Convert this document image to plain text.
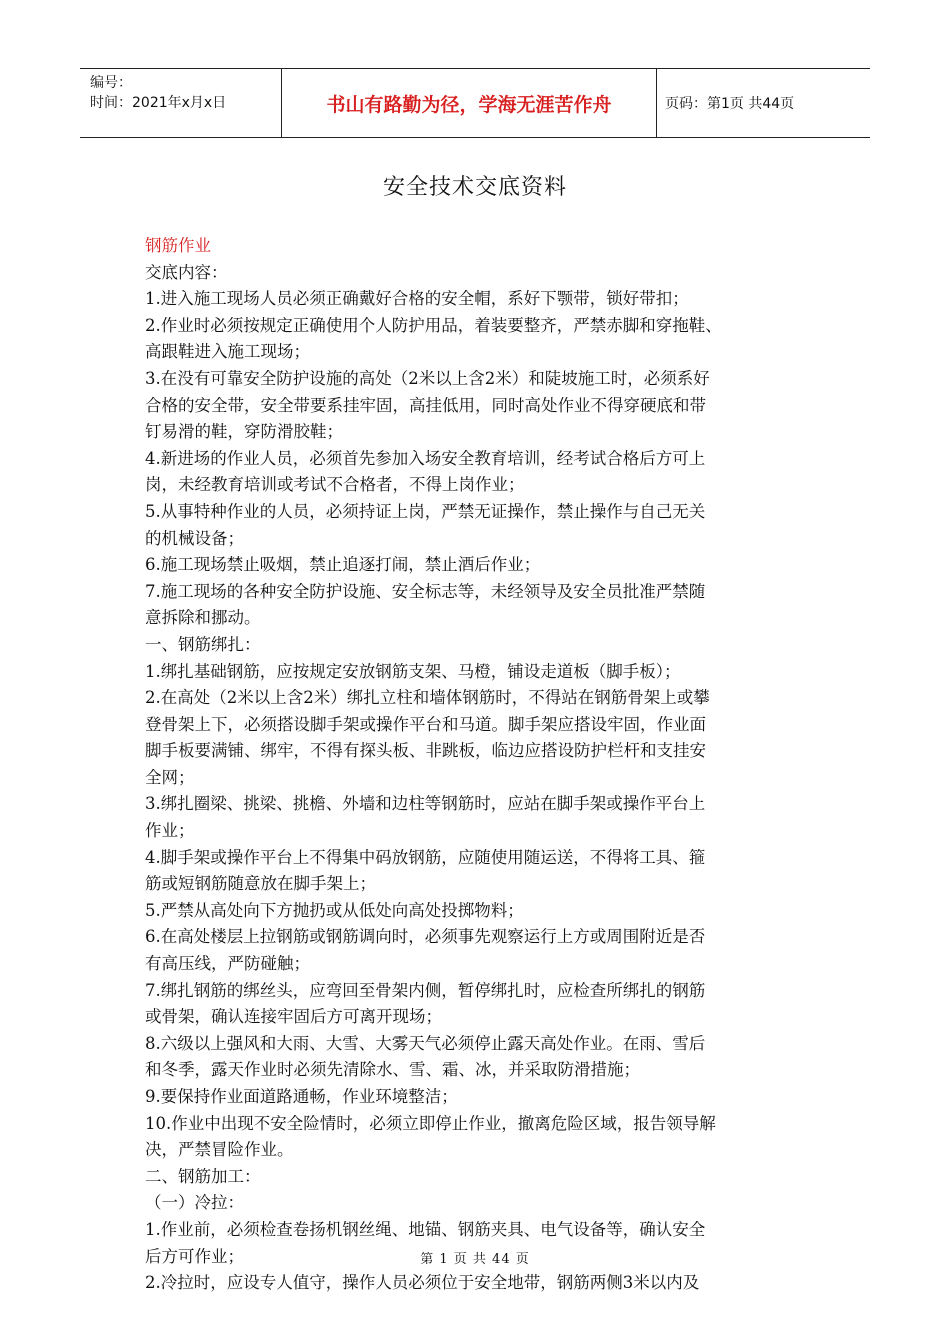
编号：
时间：2021年x月x日	书山有路勤为径，学海无涯苦作舟	页码：第1页 共44页
安全技术交底资料

钢筋作业

交底内容：

1.进入施工现场人员必须正确戴好合格的安全帽，系好下颚带，锁好带扣；

2.作业时必须按规定正确使用个人防护用品，着装要整齐，严禁赤脚和穿拖鞋、

高跟鞋进入施工现场；

3.在没有可靠安全防护设施的高处（2米以上含2米）和陡坡施工时，必须系好

合格的安全带，安全带要系挂牢固，高挂低用，同时高处作业不得穿硬底和带

钉易滑的鞋，穿防滑胶鞋；

4.新进场的作业人员，必须首先参加入场安全教育培训，经考试合格后方可上

岗，未经教育培训或考试不合格者，不得上岗作业；

5.从事特种作业的人员，必须持证上岗，严禁无证操作，禁止操作与自己无关

的机械设备；

6.施工现场禁止吸烟，禁止追逐打闹，禁止酒后作业；

7.施工现场的各种安全防护设施、安全标志等，未经领导及安全员批准严禁随

意拆除和挪动。

一、钢筋绑扎：

1.绑扎基础钢筋，应按规定安放钢筋支架、马橙，铺设走道板（脚手板）；

2.在高处（2米以上含2米）绑扎立柱和墙体钢筋时，不得站在钢筋骨架上或攀

登骨架上下，必须搭设脚手架或操作平台和马道。脚手架应搭设牢固，作业面

脚手板要满铺、绑牢，不得有探头板、非跳板，临边应搭设防护栏杆和支挂安

全网；

3.绑扎圈梁、挑梁、挑檐、外墙和边柱等钢筋时，应站在脚手架或操作平台上

作业；

4.脚手架或操作平台上不得集中码放钢筋，应随使用随运送，不得将工具、箍

筋或短钢筋随意放在脚手架上；

5.严禁从高处向下方抛扔或从低处向高处投掷物料；

6.在高处楼层上拉钢筋或钢筋调向时，必须事先观察运行上方或周围附近是否

有高压线，严防碰触；

7.绑扎钢筋的绑丝头，应弯回至骨架内侧，暂停绑扎时，应检查所绑扎的钢筋

或骨架，确认连接牢固后方可离开现场；

8.六级以上强风和大雨、大雪、大雾天气必须停止露天高处作业。在雨、雪后

和冬季，露天作业时必须先清除水、雪、霜、冰，并采取防滑措施；

9.要保持作业面道路通畅，作业环境整洁；

10.作业中出现不安全险情时，必须立即停止作业，撤离危险区域，报告领导解

决，严禁冒险作业。

二、钢筋加工：

（一）冷拉：

1.作业前，必须检查卷扬机钢丝绳、地锚、钢筋夹具、电气设备等，确认安全

后方可作业；

2.冷拉时，应设专人值守，操作人员必须位于安全地带，钢筋两侧3米以内及

第 1 页 共 44 页
